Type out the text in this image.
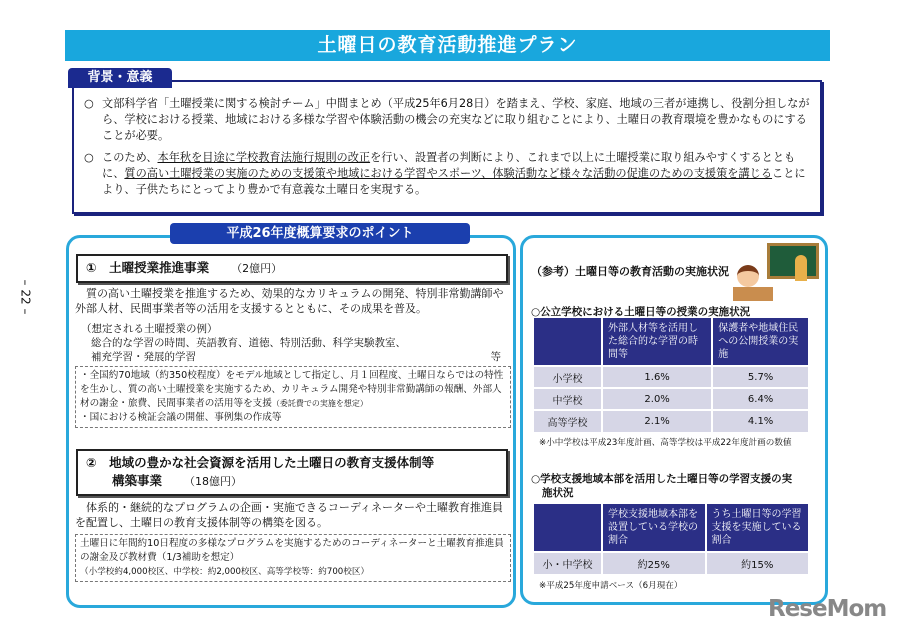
土曜日の教育活動推進プラン
– 22 –

○ 文部科学省「土曜授業に関する検討チーム」中間まとめ（平成25年6月28日）を踏まえ、学校、家庭、地域の三者が連携し、役割分担しながら、学校における授業、地域における多様な学習や体験活動の機会の充実などに取り組むことにより、土曜日の教育環境を豊かなものにすることが必要。

○ このため、本年秋を目途に学校教育法施行規則の改正を行い、設置者の判断により、これまで以上に土曜授業に取り組みやすくするとともに、質の高い土曜授業の実施のための支援策や地域における学習やスポーツ、体験活動など様々な活動の促進のための支援策を講じることにより、子供たちにとってより豊かで有意義な土曜日を実現する。

背景・意義
①　土曜授業推進事業 （2億円）
質の高い土曜授業を推進するため、効果的なカリキュラムの開発、特別非常勤講師や外部人材、民間事業者等の活用を支援するとともに、その成果を普及。
（想定される土曜授業の例）
総合的な学習の時間、英語教育、道徳、特別活動、科学実験教室、
補充学習・発展的学習	等
・全国約70地域（約350校程度）をモデル地域として指定し、月１回程度、土曜日ならではの特性を生かし、質の高い土曜授業を実施するため、カリキュラム開発や特別非常勤講師の報酬、外部人材の謝金・旅費、民間事業者の活用等を支援（委託費での実施を想定）
・国における検証会議の開催、事例集の作成等
②　地域の豊かな社会資源を活用した土曜日の教育支援体制等
構築事業 （18億円）
体系的・継続的なプログラムの企画・実施できるコーディネーターや土曜教育推進員を配置し、土曜日の教育支援体制等の構築を図る。
土曜日に年間約10日程度の多様なプログラムを実施するためのコーディネーターと土曜教育推進員の謝金及び教材費（1/3補助を想定）
（小学校約4,000校区、中学校：約2,000校区、高等学校等：約700校区）
平成26年度概算要求のポイント
（参考）土曜日等の教育活動の実施状況
○公立学校における土曜日等の授業の実施状況
	外部人材等を活用した総合的な学習の時間等	保護者や地域住民への公開授業の実施
小学校	1.6%	5.7%
中学校	2.0%	6.4%
高等学校	2.1%	4.1%
※小中学校は平成23年度計画、高等学校は平成22年度計画の数値
○学校支援地域本部を活用した土曜日等の学習支援の実施状況
	学校支援地域本部を設置している学校の割合	うち土曜日等の学習支援を実施している割合
小・中学校	約25%	約15%
※平成25年度申請ベース（6月現在）
ReseMom
